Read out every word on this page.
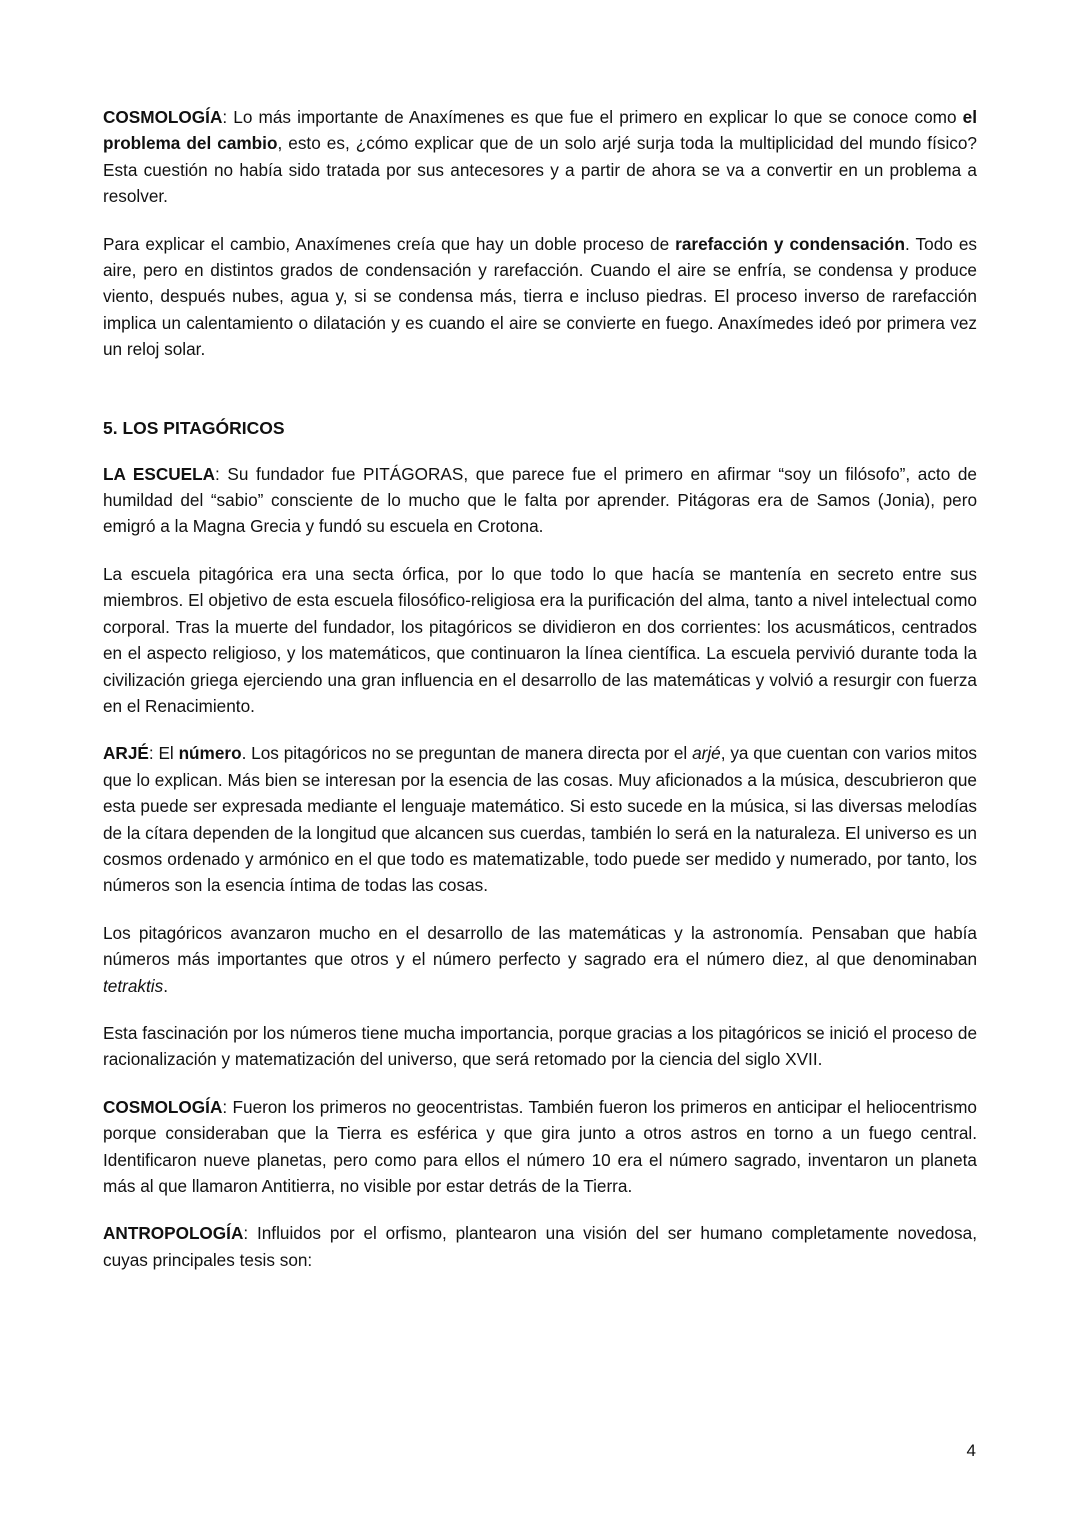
COSMOLOGÍA: Lo más importante de Anaxímenes es que fue el primero en explicar lo que se conoce como el problema del cambio, esto es, ¿cómo explicar que de un solo arjé surja toda la multiplicidad del mundo físico? Esta cuestión no había sido tratada por sus antecesores y a partir de ahora se va a convertir en un problema a resolver.

Para explicar el cambio, Anaxímenes creía que hay un doble proceso de rarefacción y condensación. Todo es aire, pero en distintos grados de condensación y rarefacción. Cuando el aire se enfría, se condensa y produce viento, después nubes, agua y, si se condensa más, tierra e incluso piedras. El proceso inverso de rarefacción implica un calentamiento o dilatación y es cuando el aire se convierte en fuego. Anaxímedes ideó por primera vez un reloj solar.

5. LOS PITAGÓRICOS

LA ESCUELA: Su fundador fue PITÁGORAS, que parece fue el primero en afirmar “soy un filósofo”, acto de humildad del “sabio” consciente de lo mucho que le falta por aprender. Pitágoras era de Samos (Jonia), pero emigró a la Magna Grecia y fundó su escuela en Crotona.

La escuela pitagórica era una secta órfica, por lo que todo lo que hacía se mantenía en secreto entre sus miembros. El objetivo de esta escuela filosófico-religiosa era la purificación del alma, tanto a nivel intelectual como corporal. Tras la muerte del fundador, los pitagóricos se dividieron en dos corrientes: los acusmáticos, centrados en el aspecto religioso, y los matemáticos, que continuaron la línea científica. La escuela pervivió durante toda la civilización griega ejerciendo una gran influencia en el desarrollo de las matemáticas y volvió a resurgir con fuerza en el Renacimiento.

ARJÉ: El número. Los pitagóricos no se preguntan de manera directa por el arjé, ya que cuentan con varios mitos que lo explican. Más bien se interesan por la esencia de las cosas. Muy aficionados a la música, descubrieron que esta puede ser expresada mediante el lenguaje matemático. Si esto sucede en la música, si las diversas melodías de la cítara dependen de la longitud que alcancen sus cuerdas, también lo será en la naturaleza. El universo es un cosmos ordenado y armónico en el que todo es matematizable, todo puede ser medido y numerado, por tanto, los números son la esencia íntima de todas las cosas.

Los pitagóricos avanzaron mucho en el desarrollo de las matemáticas y la astronomía. Pensaban que había números más importantes que otros y el número perfecto y sagrado era el número diez, al que denominaban tetraktis.

Esta fascinación por los números tiene mucha importancia, porque gracias a los pitagóricos se inició el proceso de racionalización y matematización del universo, que será retomado por la ciencia del siglo XVII.

COSMOLOGÍA: Fueron los primeros no geocentristas. También fueron los primeros en anticipar el heliocentrismo porque consideraban que la Tierra es esférica y que gira junto a otros astros en torno a un fuego central. Identificaron nueve planetas, pero como para ellos el número 10 era el número sagrado, inventaron un planeta más al que llamaron Antitierra, no visible por estar detrás de la Tierra.

ANTROPOLOGÍA: Influidos por el orfismo, plantearon una visión del ser humano completamente novedosa, cuyas principales tesis son:

4
